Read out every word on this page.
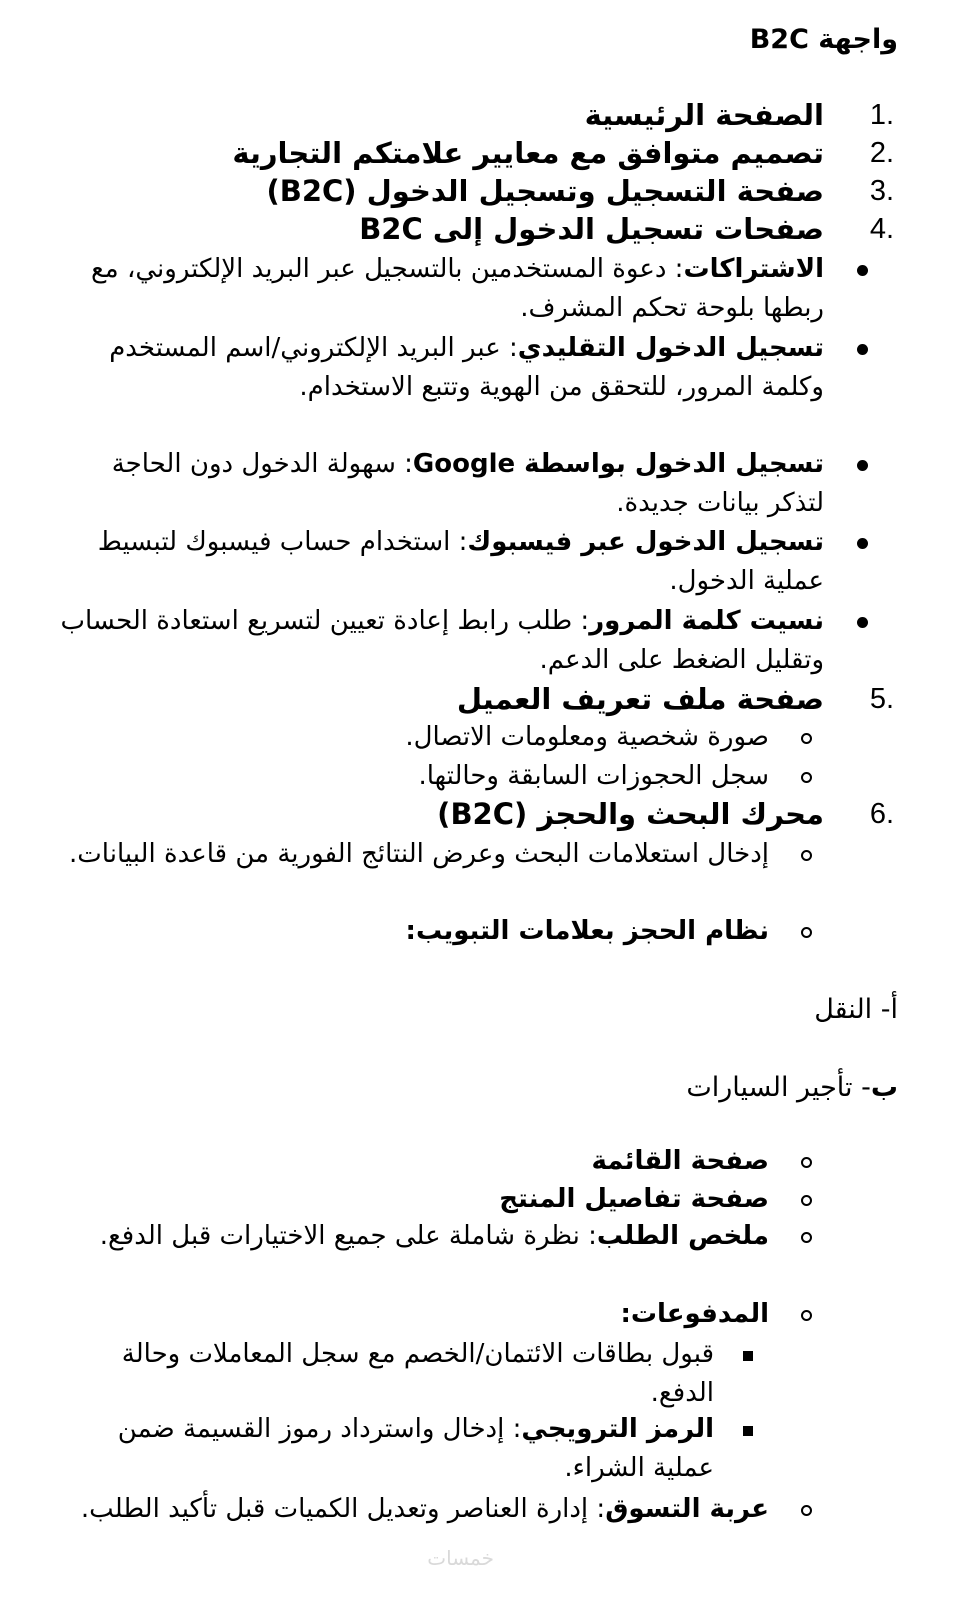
واجهة B2C
1.
الصفحة الرئيسية
2.
تصميم متوافق مع معايير علامتكم التجارية
3.
صفحة التسجيل وتسجيل الدخول (B2C)
4.
صفحات تسجيل الدخول إلى B2C
الاشتراكات: دعوة المستخدمين بالتسجيل عبر البريد الإلكتروني، مع ربطها بلوحة تحكم المشرف.
تسجيل الدخول التقليدي: عبر البريد الإلكتروني/اسم المستخدم وكلمة المرور، للتحقق من الهوية وتتبع الاستخدام.
تسجيل الدخول بواسطة Google: سهولة الدخول دون الحاجة لتذكر بيانات جديدة.
تسجيل الدخول عبر فيسبوك: استخدام حساب فيسبوك لتبسيط عملية الدخول.
نسيت كلمة المرور: طلب رابط إعادة تعيين لتسريع استعادة الحساب وتقليل الضغط على الدعم.
5.
صفحة ملف تعريف العميل
صورة شخصية ومعلومات الاتصال.
سجل الحجوزات السابقة وحالتها.
6.
محرك البحث والحجز (B2C)
إدخال استعلامات البحث وعرض النتائج الفورية من قاعدة البيانات.
نظام الحجز بعلامات التبويب:
أ- النقل
ب- تأجير السيارات
صفحة القائمة
صفحة تفاصيل المنتج
ملخص الطلب: نظرة شاملة على جميع الاختيارات قبل الدفع.
المدفوعات:
قبول بطاقات الائتمان/الخصم مع سجل المعاملات وحالة الدفع.
الرمز الترويجي: إدخال واسترداد رموز القسيمة ضمن عملية الشراء.
عربة التسوق: إدارة العناصر وتعديل الكميات قبل تأكيد الطلب.
خمسات
